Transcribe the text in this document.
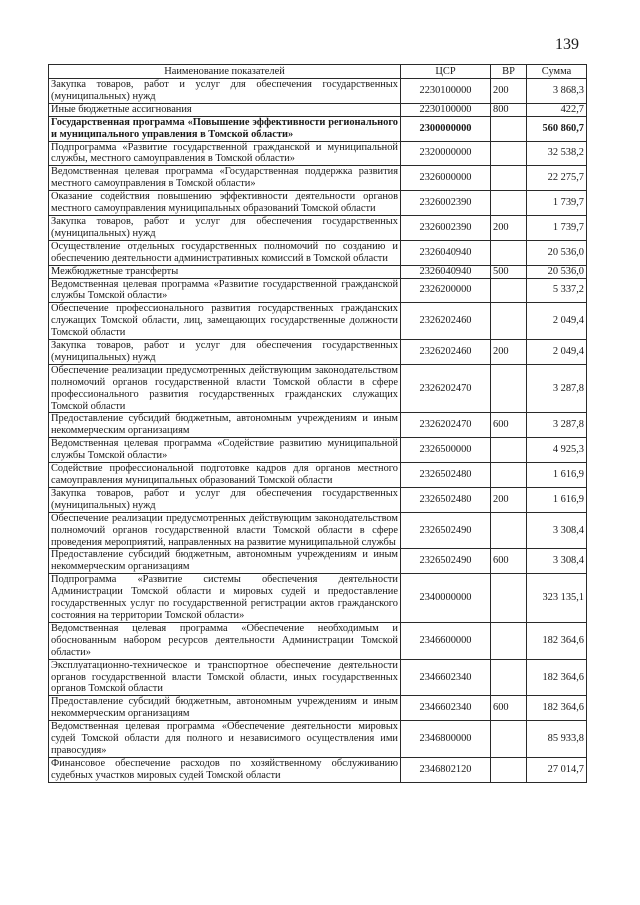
139
Наименование показателей	ЦСР	ВР	Сумма
Закупка товаров, работ и услуг для обеспечения государственных (муниципальных) нужд	2230100000	200	3 868,3
Иные бюджетные ассигнования	2230100000	800	422,7
Государственная программа «Повышение эффективности регионального и муниципального управления в Томской области»	2300000000		560 860,7
Подпрограмма «Развитие государственной гражданской и муниципальной службы, местного самоуправления в Томской области»	2320000000		32 538,2
Ведомственная целевая программа «Государственная поддержка развития местного самоуправления в Томской области»	2326000000		22 275,7
Оказание содействия повышению эффективности деятельности органов местного самоуправления муниципальных образований Томской области	2326002390		1 739,7
Закупка товаров, работ и услуг для обеспечения государственных (муниципальных) нужд	2326002390	200	1 739,7
Осуществление отдельных государственных полномочий по созданию и обеспечению деятельности административных комиссий в Томской области	2326040940		20 536,0
Межбюджетные трансферты	2326040940	500	20 536,0
Ведомственная целевая программа «Развитие государственной гражданской службы Томской области»	2326200000		5 337,2
Обеспечение профессионального развития государственных гражданских служащих Томской области, лиц, замещающих государственные должности Томской области	2326202460		2 049,4
Закупка товаров, работ и услуг для обеспечения государственных (муниципальных) нужд	2326202460	200	2 049,4
Обеспечение реализации предусмотренных действующим законодательством полномочий органов государственной власти Томской области в сфере профессионального развития государственных гражданских служащих Томской области	2326202470		3 287,8
Предоставление субсидий бюджетным, автономным учреждениям и иным некоммерческим организациям	2326202470	600	3 287,8
Ведомственная целевая программа «Содействие развитию муниципальной службы Томской области»	2326500000		4 925,3
Содействие профессиональной подготовке кадров для органов местного самоуправления муниципальных образований Томской области	2326502480		1 616,9
Закупка товаров, работ и услуг для обеспечения государственных (муниципальных) нужд	2326502480	200	1 616,9
Обеспечение реализации предусмотренных действующим законодательством полномочий органов государственной власти Томской области в сфере проведения мероприятий, направленных на развитие муниципальной службы	2326502490		3 308,4
Предоставление субсидий бюджетным, автономным учреждениям и иным некоммерческим организациям	2326502490	600	3 308,4
Подпрограмма «Развитие системы обеспечения деятельности Администрации Томской области и мировых судей и предоставление государственных услуг по государственной регистрации актов гражданского состояния на территории Томской области»	2340000000		323 135,1
Ведомственная целевая программа «Обеспечение необходимым и обоснованным набором ресурсов деятельности Администрации Томской области»	2346600000		182 364,6
Эксплуатационно-техническое и транспортное обеспечение деятельности органов государственной власти Томской области, иных государственных органов Томской области	2346602340		182 364,6
Предоставление субсидий бюджетным, автономным учреждениям и иным некоммерческим организациям	2346602340	600	182 364,6
Ведомственная целевая программа «Обеспечение деятельности мировых судей Томской области для полного и независимого осуществления ими правосудия»	2346800000		85 933,8
Финансовое обеспечение расходов по хозяйственному обслуживанию судебных участков мировых судей Томской области	2346802120		27 014,7
